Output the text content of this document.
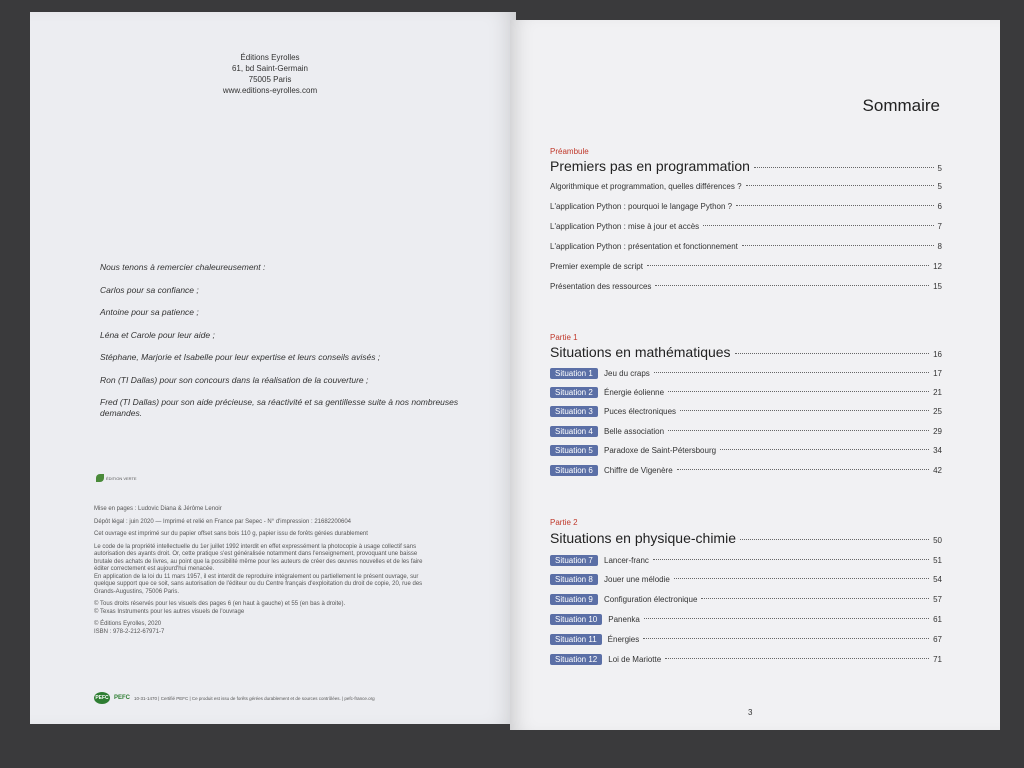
Éditions Eyrolles
61, bd Saint-Germain
75005 Paris
www.editions-eyrolles.com
Nous tenons à remercier chaleureusement :
Carlos pour sa confiance ;
Antoine pour sa patience ;
Léna et Carole pour leur aide ;
Stéphane, Marjorie et Isabelle pour leur expertise et leurs conseils avisés ;
Ron (TI Dallas) pour son concours dans la réalisation de la couverture ;
Fred (TI Dallas) pour son aide précieuse, sa réactivité et sa gentillesse suite à nos nombreuses demandes.
ÉDITION VERTE
Mise en pages : Ludovic Diana & Jérôme Lenoir
Dépôt légal : juin 2020 — Imprimé et relié en France par Sepec - N° d'impression : 21682200604
Cet ouvrage est imprimé sur du papier offset sans bois 110 g, papier issu de forêts gérées durablement
Le code de la propriété intellectuelle du 1er juillet 1992 interdit en effet expressément la photocopie à usage collectif sans autorisation des ayants droit. Or, cette pratique s'est généralisée notamment dans l'enseignement, provoquant une baisse brutale des achats de livres, au point que la possibilité même pour les auteurs de créer des œuvres nouvelles et de les faire éditer correctement est aujourd'hui menacée.
En application de la loi du 11 mars 1957, il est interdit de reproduire intégralement ou partiellement le présent ouvrage, sur quelque support que ce soit, sans autorisation de l'éditeur ou du Centre français d'exploitation du droit de copie, 20, rue des Grands-Augustins, 75006 Paris.
© Tous droits réservés pour les visuels des pages 6 (en haut à gauche) et 55 (en bas à droite).
© Texas Instruments pour les autres visuels de l'ouvrage
© Éditions Eyrolles, 2020
ISBN : 978-2-212-67971-7
PEFC PEFC 10-31-1470 | Certifié PEFC | Ce produit est issu de forêts gérées durablement et de sources contrôlées. | pefc-france.org
Sommaire
Préambule
Premiers pas en programmation	5
Algorithmique et programmation, quelles différences ?	5
L'application Python : pourquoi le langage Python ?	6
L'application Python : mise à jour et accès	7
L'application Python : présentation et fonctionnement	8
Premier exemple de script	12
Présentation des ressources	15
Partie 1
Situations en mathématiques	16
Situation 1	Jeu du craps	17
Situation 2	Énergie éolienne	21
Situation 3	Puces électroniques	25
Situation 4	Belle association	29
Situation 5	Paradoxe de Saint-Pétersbourg	34
Situation 6	Chiffre de Vigenère	42
Partie 2
Situations en physique-chimie	50
Situation 7	Lancer-franc	51
Situation 8	Jouer une mélodie	54
Situation 9	Configuration électronique	57
Situation 10	Panenka	61
Situation 11	Énergies	67
Situation 12	Loi de Mariotte	71
3
